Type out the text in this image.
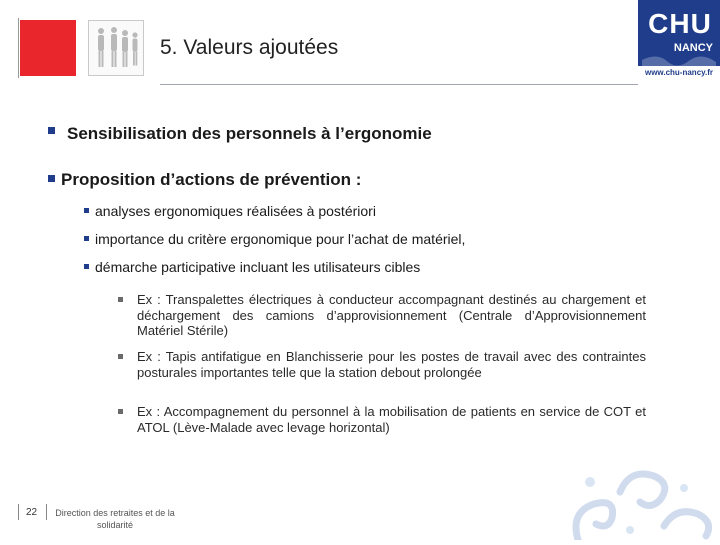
5. Valeurs ajoutées
CHU
NANCY
www.chu-nancy.fr
Sensibilisation des personnels à l’ergonomie
Proposition d’actions de prévention :
analyses ergonomiques réalisées à postériori
importance du critère ergonomique pour l’achat de matériel,
démarche participative incluant les utilisateurs cibles
Ex : Transpalettes électriques à conducteur accompagnant destinés au chargement et déchargement des camions d’approvisionnement (Centrale d’Approvisionnement Matériel Stérile)
Ex : Tapis antifatigue en Blanchisserie pour les postes de travail avec des contraintes posturales importantes telle que la station debout prolongée
Ex : Accompagnement du personnel à la mobilisation de patients en service de COT et ATOL (Lève-Malade avec levage horizontal)
22	Direction des retraites et de la solidarité
